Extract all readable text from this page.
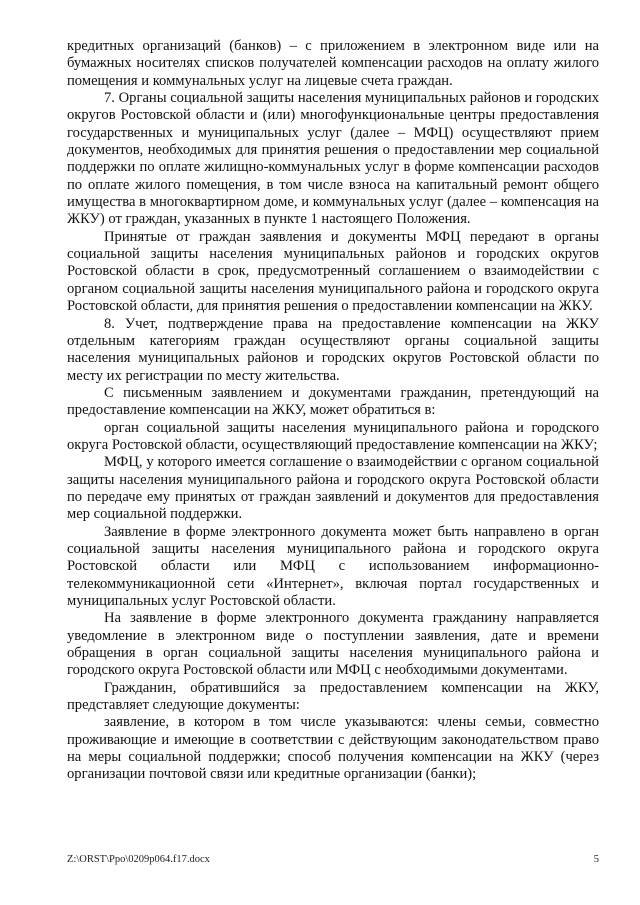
кредитных организаций (банков) – с приложением в электронном виде или на бумажных носителях списков получателей компенсации расходов на оплату жилого помещения и коммунальных услуг на лицевые счета граждан.

7. Органы социальной защиты населения муниципальных районов и городских округов Ростовской области и (или) многофункциональные центры предоставления государственных и муниципальных услуг (далее – МФЦ) осуществляют прием документов, необходимых для принятия решения о предоставлении мер социальной поддержки по оплате жилищно-коммунальных услуг в форме компенсации расходов по оплате жилого помещения, в том числе взноса на капитальный ремонт общего имущества в многоквартирном доме, и коммунальных услуг (далее – компенсация на ЖКУ) от граждан, указанных в пункте 1 настоящего Положения.

Принятые от граждан заявления и документы МФЦ передают в органы социальной защиты населения муниципальных районов и городских округов Ростовской области в срок, предусмотренный соглашением о взаимодействии с органом социальной защиты населения муниципального района и городского округа Ростовской области, для принятия решения о предоставлении компенсации на ЖКУ.

8. Учет, подтверждение права на предоставление компенсации на ЖКУ отдельным категориям граждан осуществляют органы социальной защиты населения муниципальных районов и городских округов Ростовской области по месту их регистрации по месту жительства.

С письменным заявлением и документами гражданин, претендующий на предоставление компенсации на ЖКУ, может обратиться в:

орган социальной защиты населения муниципального района и городского округа Ростовской области, осуществляющий предоставление компенсации на ЖКУ;

МФЦ, у которого имеется соглашение о взаимодействии с органом социальной защиты населения муниципального района и городского округа Ростовской области по передаче ему принятых от граждан заявлений и документов для предоставления мер социальной поддержки.

Заявление в форме электронного документа может быть направлено в орган социальной защиты населения муниципального района и городского округа Ростовской области или МФЦ с использованием информационно-телекоммуникационной сети «Интернет», включая портал государственных и муниципальных услуг Ростовской области.

На заявление в форме электронного документа гражданину направляется уведомление в электронном виде о поступлении заявления, дате и времени обращения в орган социальной защиты населения муниципального района и городского округа Ростовской области или МФЦ с необходимыми документами.

Гражданин, обратившийся за предоставлением компенсации на ЖКУ, представляет следующие документы:

заявление, в котором в том числе указываются: члены семьи, совместно проживающие и имеющие в соответствии с действующим законодательством право на меры социальной поддержки; способ получения компенсации на ЖКУ (через организации почтовой связи или кредитные организации (банки);

Z:\ORST\Ppo\0209p064.f17.docx	5
